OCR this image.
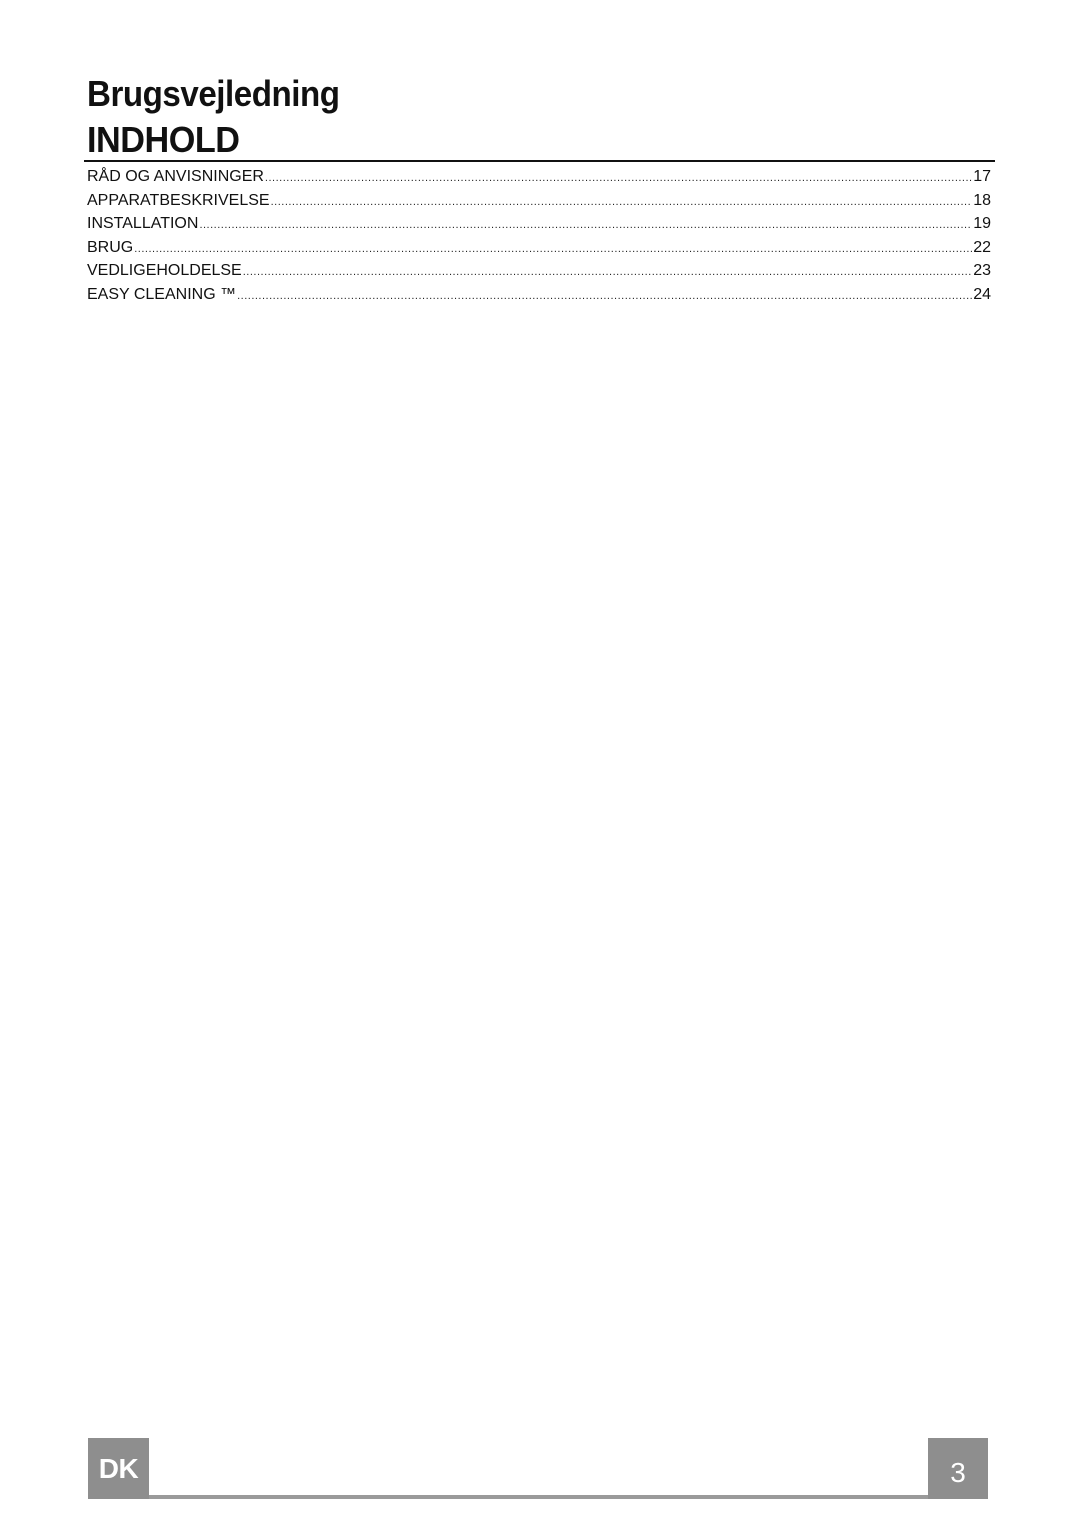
Brugsvejledning
INDHOLD
RÅD OG ANVISNINGER .....	17
APPARATBESKRIVELSE .....	18
INSTALLATION .....	19
BRUG .....	22
VEDLIGEHOLDELSE .....	23
EASY CLEANING ™ .....	24
DK	3
